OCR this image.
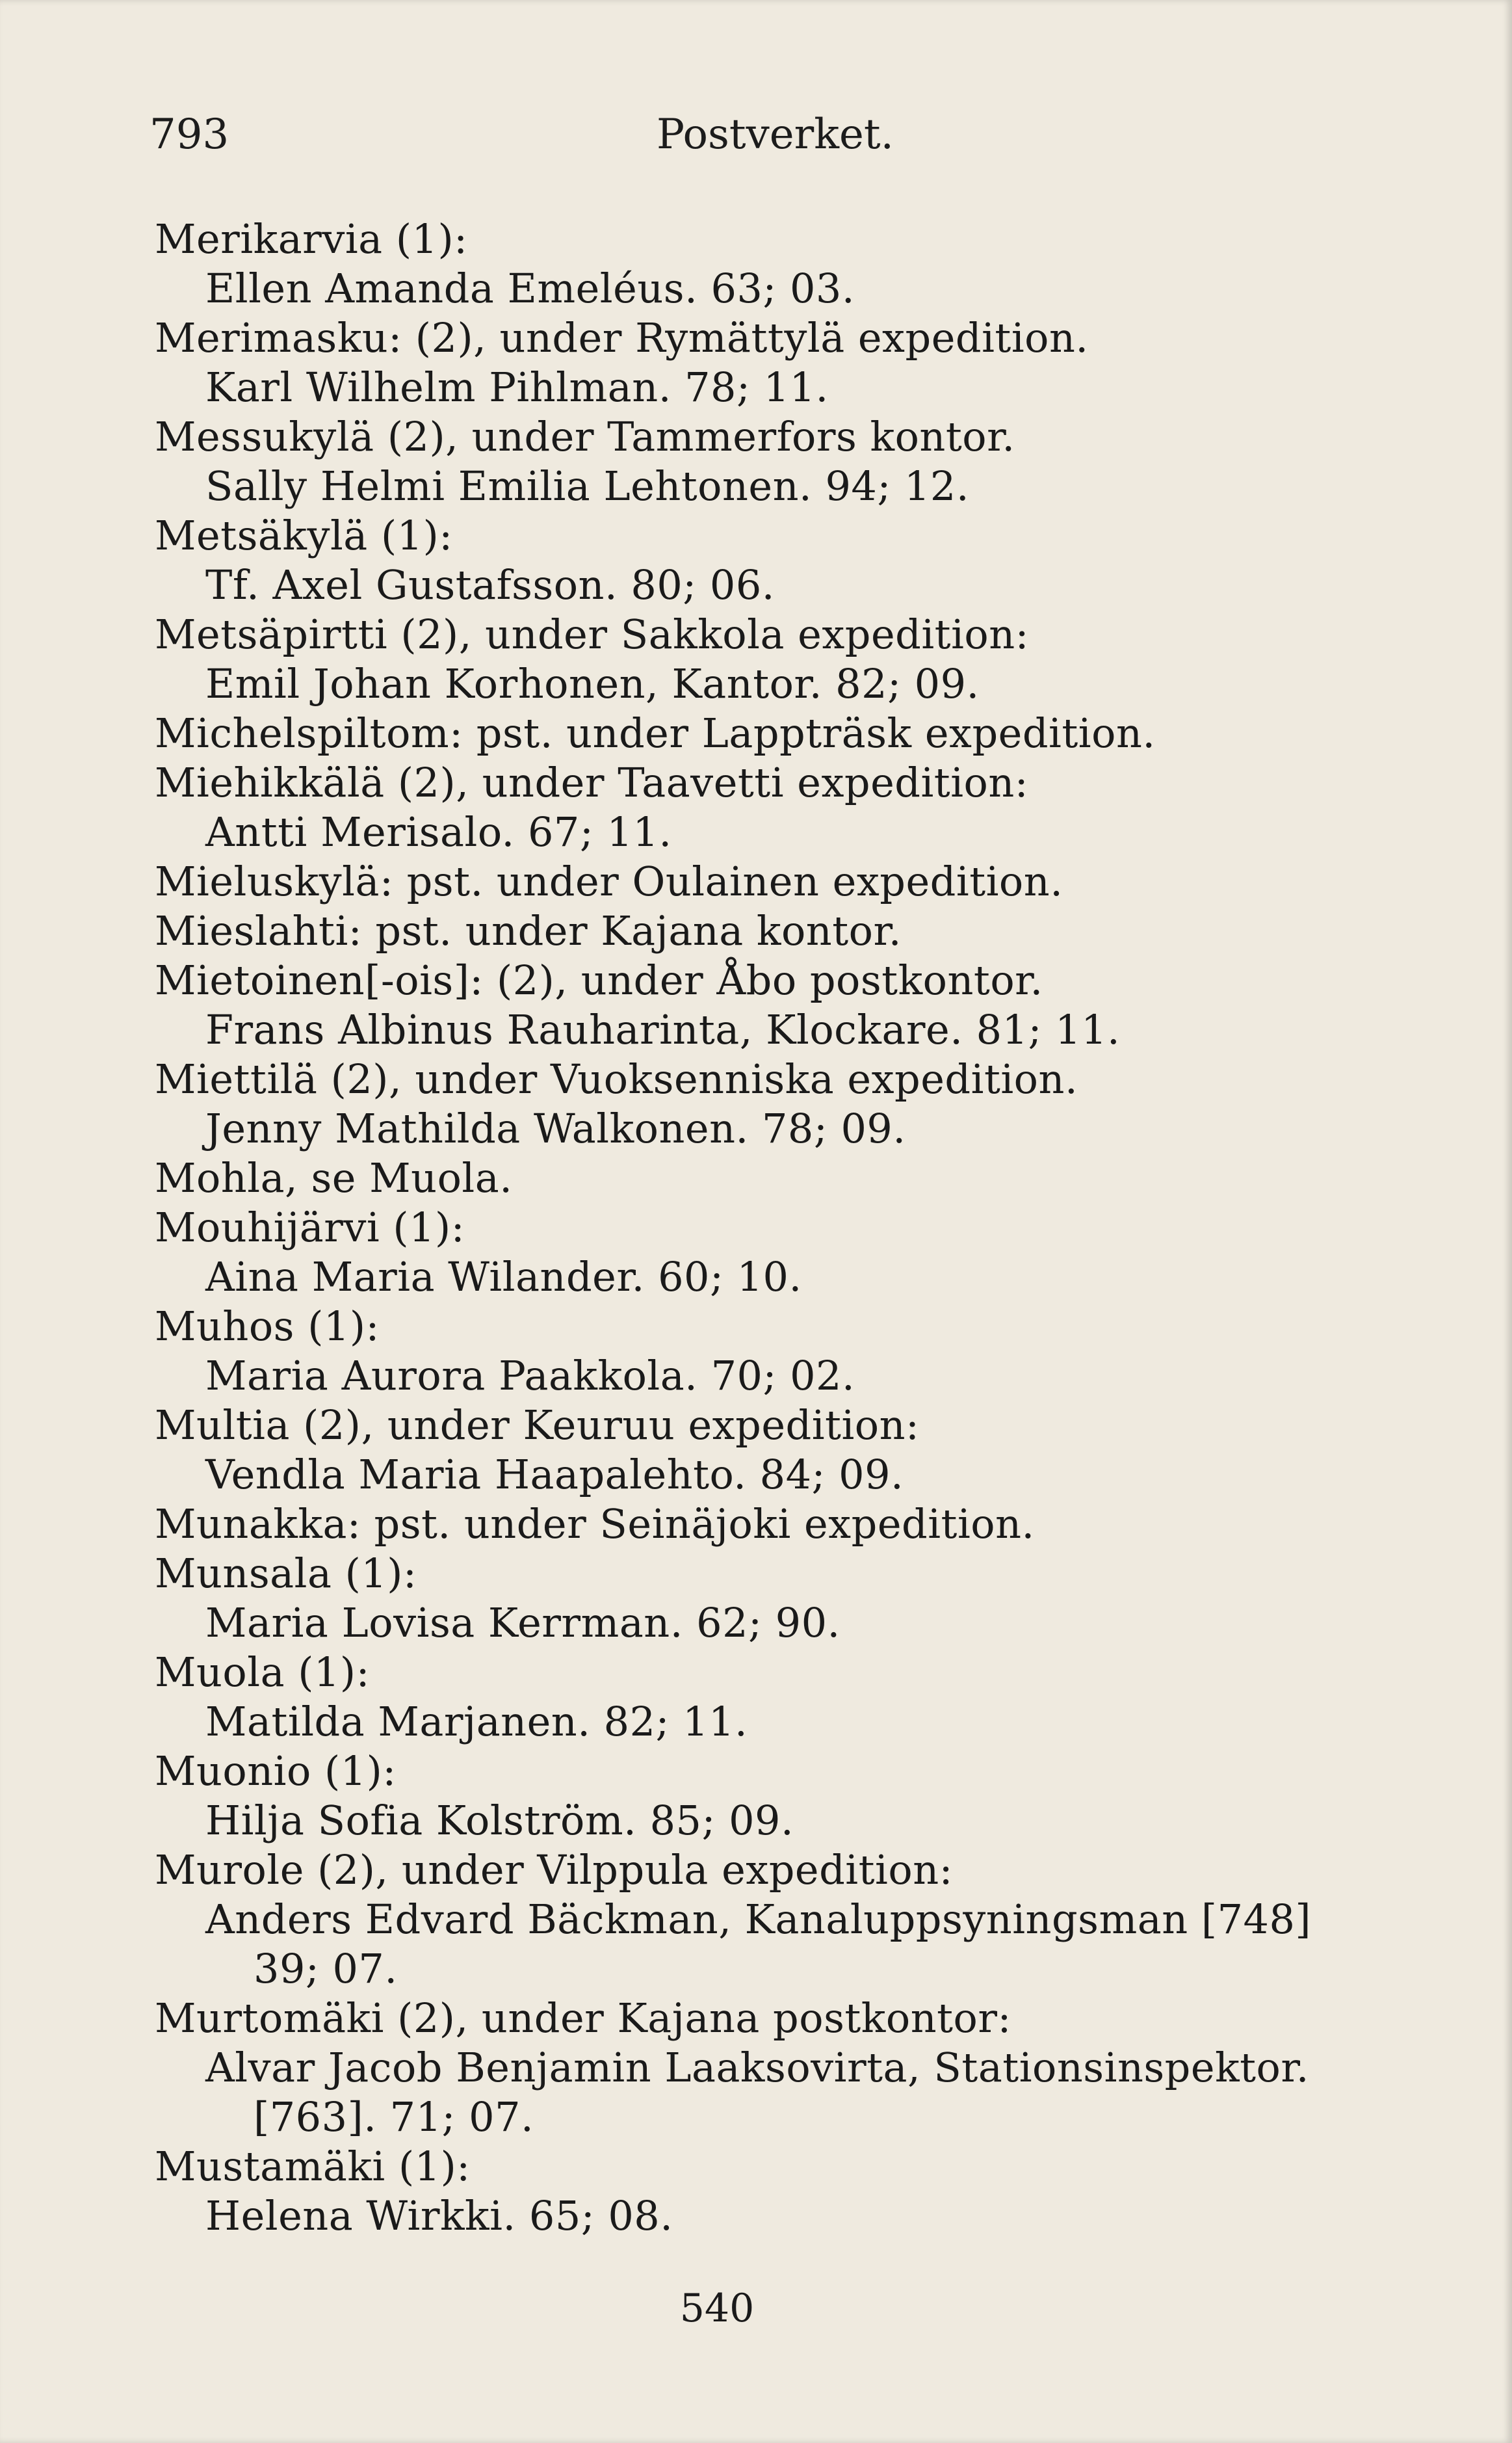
793	Postverket.
Merikarvia (1):
Ellen Amanda Emeléus. 63; 03.
Merimasku: (2), under Rymättylä expedition.
Karl Wilhelm Pihlman. 78; 11.
Messukylä (2), under Tammerfors kontor.
Sally Helmi Emilia Lehtonen. 94; 12.
Metsäkylä (1):
Tf. Axel Gustafsson. 80; 06.
Metsäpirtti (2), under Sakkola expedition:
Emil Johan Korhonen, Kantor. 82; 09.
Michelspiltom: pst. under Lappträsk expedition.
Miehikkälä (2), under Taavetti expedition:
Antti Merisalo. 67; 11.
Mieluskylä: pst. under Oulainen expedition.
Mieslahti: pst. under Kajana kontor.
Mietoinen[-ois]: (2), under Åbo postkontor.
Frans Albinus Rauharinta, Klockare. 81; 11.
Miettilä (2), under Vuoksenniska expedition.
Jenny Mathilda Walkonen. 78; 09.
Mohla, se Muola.
Mouhijärvi (1):
Aina Maria Wilander. 60; 10.
Muhos (1):
Maria Aurora Paakkola. 70; 02.
Multia (2), under Keuruu expedition:
Vendla Maria Haapalehto. 84; 09.
Munakka: pst. under Seinäjoki expedition.
Munsala (1):
Maria Lovisa Kerrman. 62; 90.
Muola (1):
Matilda Marjanen. 82; 11.
Muonio (1):
Hilja Sofia Kolström. 85; 09.
Murole (2), under Vilppula expedition:
Anders Edvard Bäckman, Kanaluppsyningsman [748]
39; 07.
Murtomäki (2), under Kajana postkontor:
Alvar Jacob Benjamin Laaksovirta, Stationsinspektor.
[763]. 71; 07.
Mustamäki (1):
Helena Wirkki. 65; 08.
540
